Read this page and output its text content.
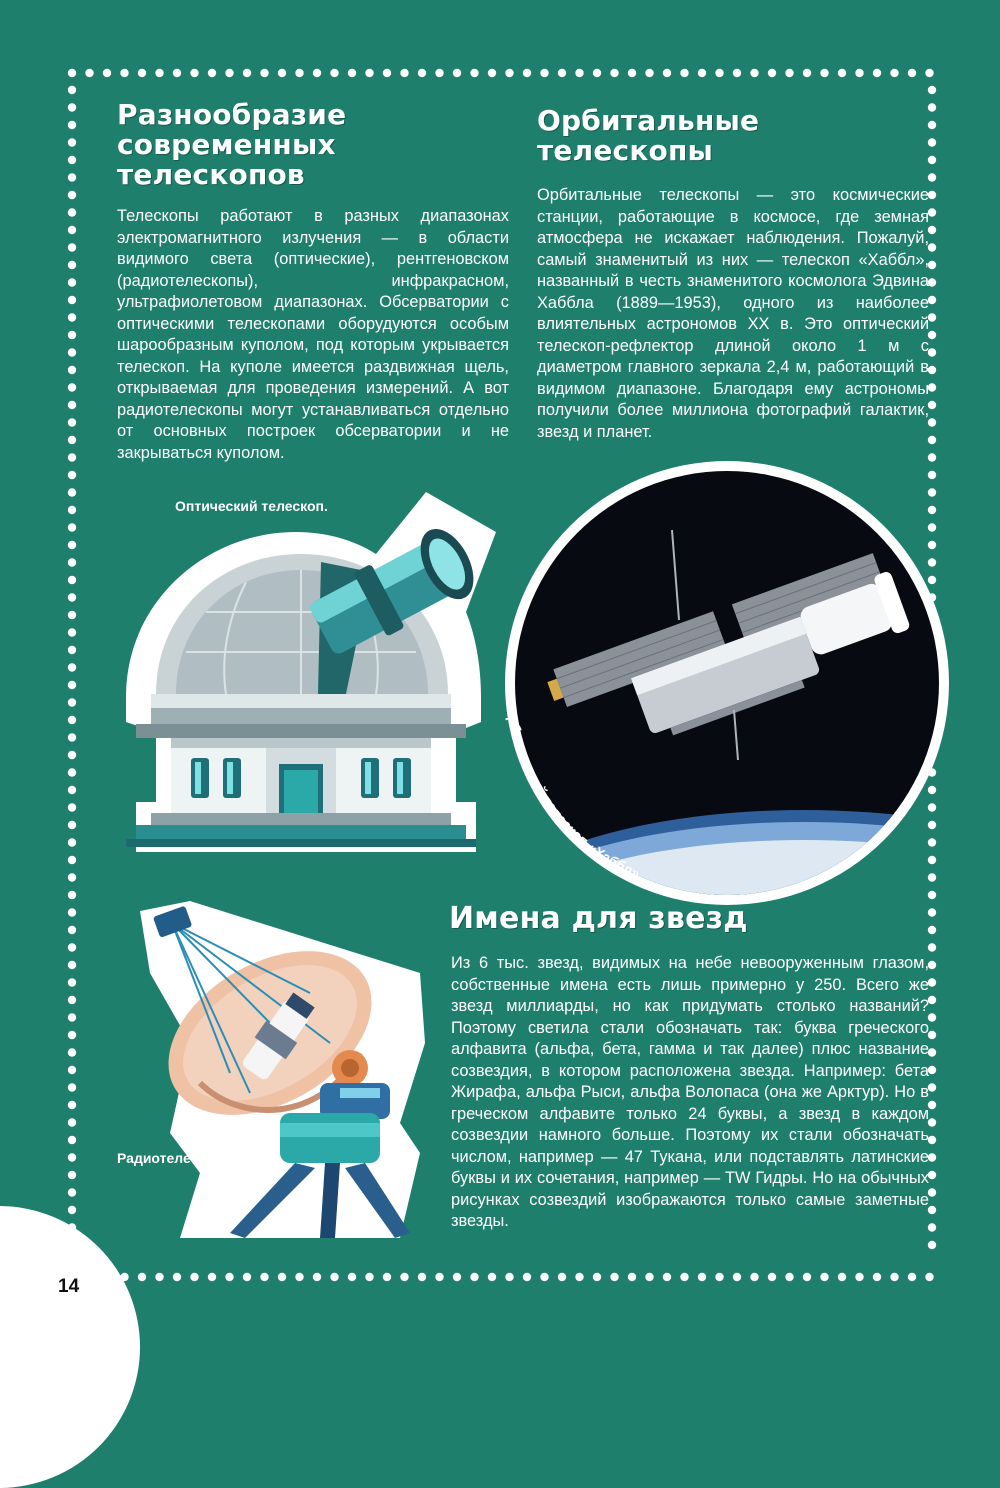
Разнообразие
современных
телескопов

Телескопы работают в разных диапазонах электромагнитного излучения — в области видимого света (оптические), рентгеновском (радиотелескопы), инфракрасном, ультрафиолетовом диапазонах. Обсерватории с оптическими телескопами оборудуются особым шарообразным куполом, под которым укрывается телескоп. На куполе имеется раздвижная щель, открываемая для проведения измерений. А вот радиотелескопы могут устанавливаться отдельно от основных построек обсерватории и не закрываться куполом.

Орбитальные
телескопы

Орбитальные телескопы — это космические станции, работающие в космосе, где земная атмосфера не искажает наблюдения. Пожалуй, самый знаменитый из них — телескоп «Хаббл», названный в честь знаменитого космолога Эдвина Хаббла (1889—1953), одного из наиболее влиятельных астрономов XX в. Это оптический телескоп-рефлектор длиной около 1 м с диаметром главного зеркала 2,4 м, работающий в видимом диапазоне. Благодаря ему астрономы получили более миллиона фотографий галактик, звезд и планет.

Оптический телескоп.

Орбитальный телескоп «Хаббл».
Имена для звезд

Из 6 тыс. звезд, видимых на небе невооруженным глазом, собственные имена есть лишь примерно у 250. Всего же звезд миллиарды, но как придумать столько названий? Поэтому светила стали обозначать так: буква греческого алфавита (альфа, бета, гамма и так далее) плюс название созвездия, в котором расположена звезда. Например: бета Жирафа, альфа Рыси, альфа Волопаса (она же Арктур). Но в греческом алфавите только 24 буквы, а звезд в каждом созвездии намного больше. Поэтому их стали обозначать числом, например — 47 Тукана, или подставлять латинские буквы и их сочетания, например — TW Гидры. Но на обычных рисунках созвездий изображаются только самые заметные звезды.

Радиотелескоп.

14
